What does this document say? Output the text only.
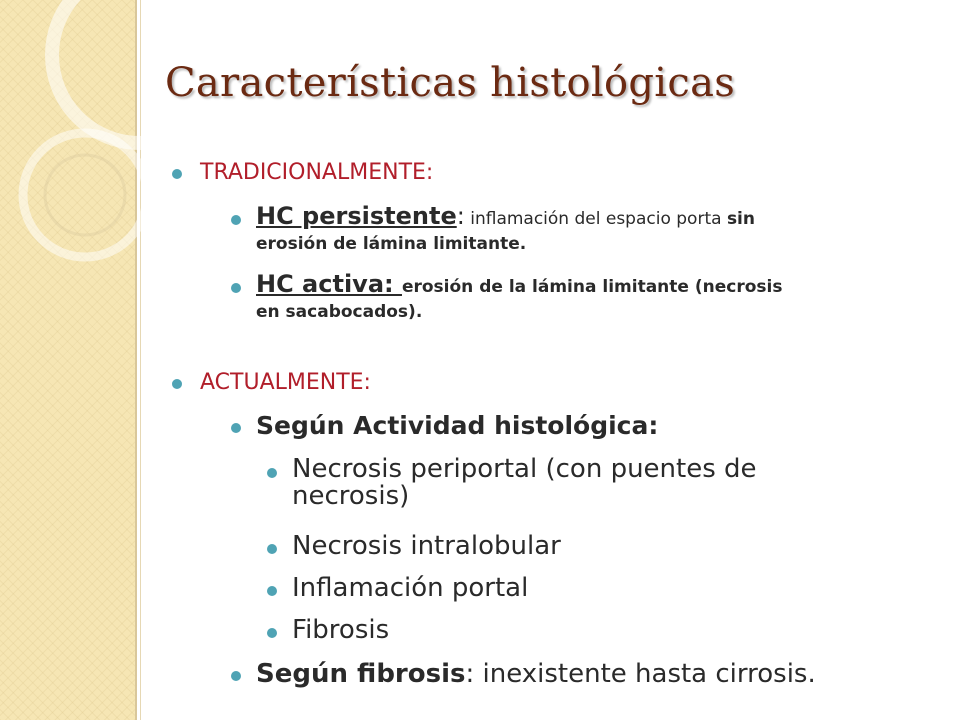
Características histológicas
TRADICIONALMENTE:
HC persistente: inflamación del espacio porta sin
erosión de lámina limitante.
HC activa: erosión de la lámina limitante (necrosis
en sacabocados).
ACTUALMENTE:
Según Actividad histológica:
Necrosis periportal (con puentes de
necrosis)
Necrosis intralobular
Inflamación portal
Fibrosis
Según fibrosis: inexistente hasta cirrosis.
